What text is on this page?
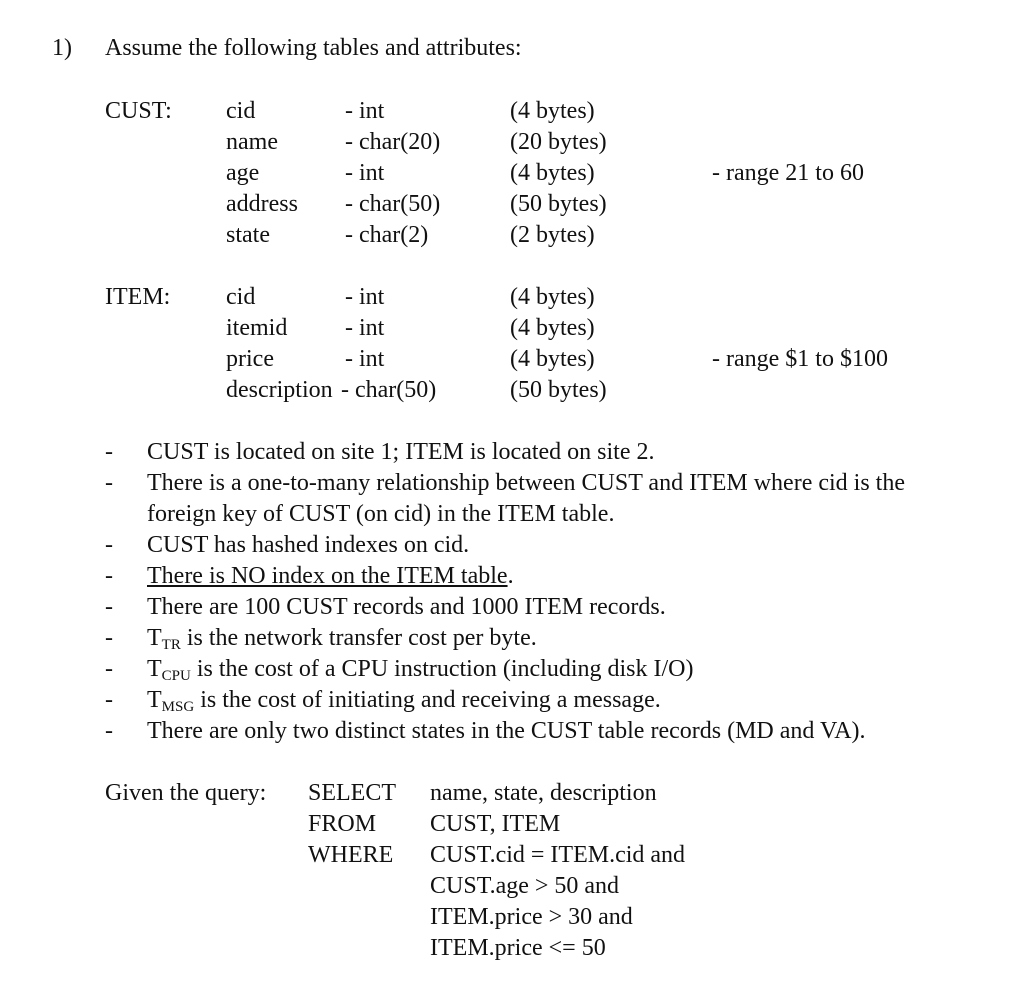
1) Assume the following tables and attributes:
CUST: cid	- int	(4 bytes)
name	- char(20)	(20 bytes)
age	- int	(4 bytes)	- range 21 to 60
address - char(50)	(50 bytes)
state	- char(2)	(2 bytes)
ITEM: cid	- int	(4 bytes)
itemid - int	(4 bytes)
price	- int	(4 bytes)	- range $1 to $100
description - char(50)	(50 bytes)
- CUST is located on site 1; ITEM is located on site 2.
- There is a one-to-many relationship between CUST and ITEM where cid is the
foreign key of CUST (on cid) in the ITEM table.
- CUST has hashed indexes on cid.
- There is NO index on the ITEM table.
- There are 100 CUST records and 1000 ITEM records.
- $T_{TR}$ is the network transfer cost per byte.
- $T_{CPU}$ is the cost of a CPU instruction (including disk I/O)
- $T_{MSG}$ is the cost of initiating and receiving a message.
- There are only two distinct states in the CUST table records (MD and VA).
Given the query: SELECT name, state, description
FROM CUST, ITEM
WHERE CUST.cid = ITEM.cid and
CUST.age > 50 and
ITEM.price > 30 and
ITEM.price <= 50
